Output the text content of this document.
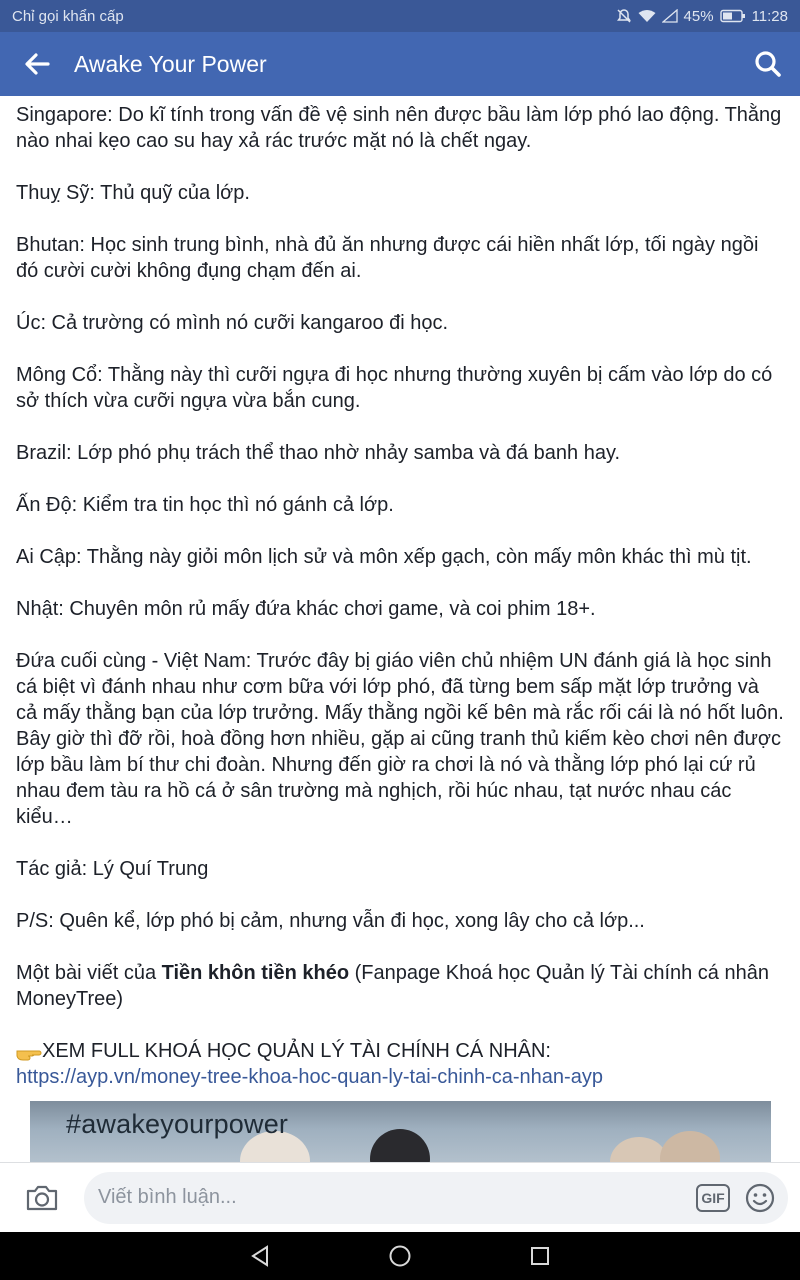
Chỉ gọi khẩn cấp	45%	11:28
Awake Your Power

Singapore: Do kĩ tính trong vấn đề vệ sinh nên được bầu làm lớp phó lao động. Thằng nào nhai kẹo cao su hay xả rác trước mặt nó là chết ngay.

Thuỵ Sỹ: Thủ quỹ của lớp.

Bhutan: Học sinh trung bình, nhà đủ ăn nhưng được cái hiền nhất lớp, tối ngày ngồi đó cười cười không đụng chạm đến ai.

Úc: Cả trường có mình nó cưỡi kangaroo đi học.

Mông Cổ: Thằng này thì cưỡi ngựa đi học nhưng thường xuyên bị cấm vào lớp do có sở thích vừa cưỡi ngựa vừa bắn cung.

Brazil: Lớp phó phụ trách thể thao nhờ nhảy samba và đá banh hay.

Ấn Độ: Kiểm tra tin học thì nó gánh cả lớp.

Ai Cập: Thằng này giỏi môn lịch sử và môn xếp gạch, còn mấy môn khác thì mù tịt.

Nhật: Chuyên môn rủ mấy đứa khác chơi game, và coi phim 18+.

Đứa cuối cùng - Việt Nam: Trước đây bị giáo viên chủ nhiệm UN đánh giá là học sinh cá biệt vì đánh nhau như cơm bữa với lớp phó, đã từng bem sấp mặt lớp trưởng và cả mấy thằng bạn của lớp trưởng. Mấy thằng ngồi kế bên mà rắc rối cái là nó hốt luôn. Bây giờ thì đỡ rồi, hoà đồng hơn nhiều, gặp ai cũng tranh thủ kiếm kèo chơi nên được lớp bầu làm bí thư chi đoàn. Nhưng đến giờ ra chơi là nó và thằng lớp phó lại cứ rủ nhau đem tàu ra hồ cá ở sân trường mà nghịch, rồi húc nhau, tạt nước nhau các kiểu…

Tác giả: Lý Quí Trung

P/S: Quên kể, lớp phó bị cảm, nhưng vẫn đi học, xong lây cho cả lớp...

Một bài viết của Tiền khôn tiền khéo (Fanpage Khoá học Quản lý Tài chính cá nhân MoneyTree)

XEM FULL KHOÁ HỌC QUẢN LÝ TÀI CHÍNH CÁ NHÂN:
https://ayp.vn/money-tree-khoa-hoc-quan-ly-tai-chinh-ca-nhan-ayp
#awakeyourpower
Viết bình luận...
GIF
